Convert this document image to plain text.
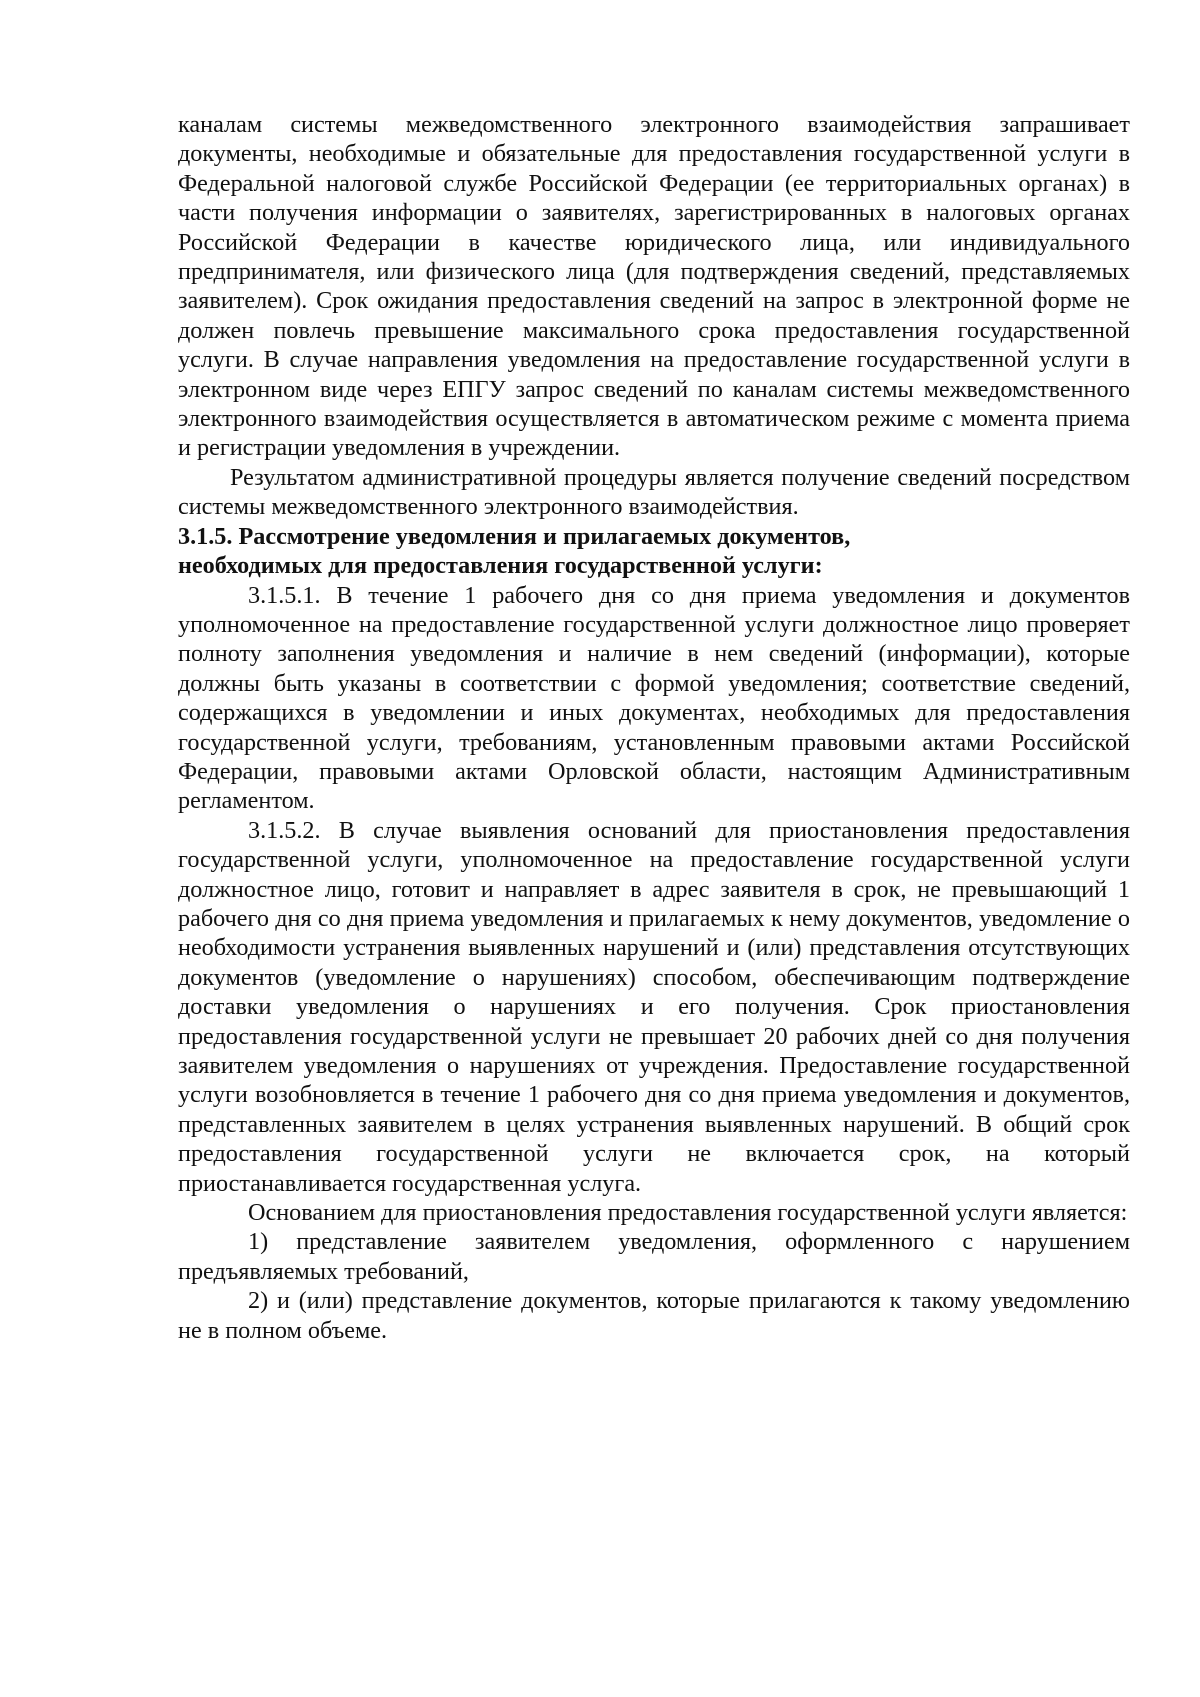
каналам системы межведомственного электронного взаимодействия запрашивает документы, необходимые и обязательные для предоставления государственной услуги в Федеральной налоговой службе Российской Федерации (ее территориальных органах) в части получения информации о заявителях, зарегистрированных в налоговых органах Российской Федерации в качестве юридического лица, или индивидуального предпринимателя, или физического лица (для подтверждения сведений, представляемых заявителем). Срок ожидания предоставления сведений на запрос в электронной форме не должен повлечь превышение максимального срока предоставления государственной услуги. В случае направления уведомления на предоставление государственной услуги в электронном виде через ЕПГУ запрос сведений по каналам системы межведомственного электронного взаимодействия осуществляется в автоматическом режиме с момента приема и регистрации уведомления в учреждении.

Результатом административной процедуры является получение сведений посредством системы межведомственного электронного взаимодействия.

3.1.5. Рассмотрение уведомления и прилагаемых документов,

необходимых для предоставления государственной услуги:

3.1.5.1. В течение 1 рабочего дня со дня приема уведомления и документов уполномоченное на предоставление государственной услуги должностное лицо проверяет полноту заполнения уведомления и наличие в нем сведений (информации), которые должны быть указаны в соответствии с формой уведомления; соответствие сведений, содержащихся в уведомлении и иных документах, необходимых для предоставления государственной услуги, требованиям, установленным правовыми актами Российской Федерации, правовыми актами Орловской области, настоящим Административным регламентом.

3.1.5.2. В случае выявления оснований для приостановления предоставления государственной услуги, уполномоченное на предоставление государственной услуги должностное лицо, готовит и направляет в адрес заявителя в срок, не превышающий 1 рабочего дня со дня приема уведомления и прилагаемых к нему документов, уведомление о необходимости устранения выявленных нарушений и (или) представления отсутствующих документов (уведомление о нарушениях) способом, обеспечивающим подтверждение доставки уведомления о нарушениях и его получения. Срок приостановления предоставления государственной услуги не превышает 20 рабочих дней со дня получения заявителем уведомления о нарушениях от учреждения. Предоставление государственной услуги возобновляется в течение 1 рабочего дня со дня приема уведомления и документов, представленных заявителем в целях устранения выявленных нарушений. В общий срок предоставления государственной услуги не включается срок, на который приостанавливается государственная услуга.

Основанием для приостановления предоставления государственной услуги является:

1) представление заявителем уведомления, оформленного с нарушением предъявляемых требований,

2) и (или) представление документов, которые прилагаются к такому уведомлению не в полном объеме.
